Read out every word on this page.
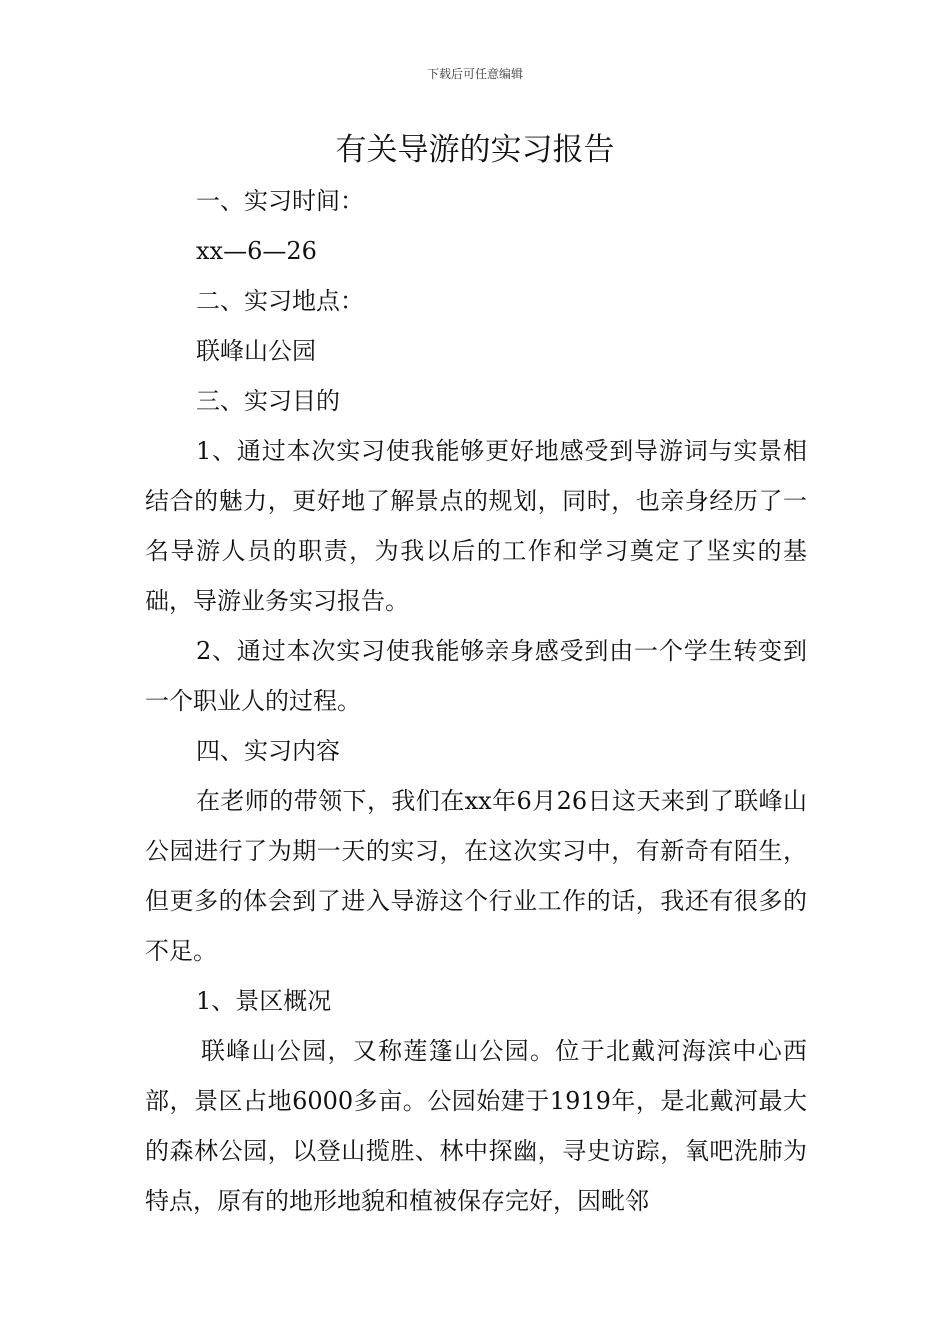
下载后可任意编辑
有关导游的实习报告

一、实习时间：

xx—6—26

二、实习地点：

联峰山公园

三、实习目的

1、通过本次实习使我能够更好地感受到导游词与实景相结合的魅力，更好地了解景点的规划，同时，也亲身经历了一名导游人员的职责，为我以后的工作和学习奠定了坚实的基础，导游业务实习报告。

2、通过本次实习使我能够亲身感受到由一个学生转变到一个职业人的过程。

四、实习内容

在老师的带领下，我们在xx年6月26日这天来到了联峰山公园进行了为期一天的实习，在这次实习中，有新奇有陌生，但更多的体会到了进入导游这个行业工作的话，我还有很多的不足。

1、景区概况

联峰山公园，又称莲篷山公园。位于北戴河海滨中心西部，景区占地6000多亩。公园始建于1919年，是北戴河最大的森林公园，以登山揽胜、林中探幽，寻史访踪，氧吧洗肺为特点，原有的地形地貌和植被保存完好，因毗邻
